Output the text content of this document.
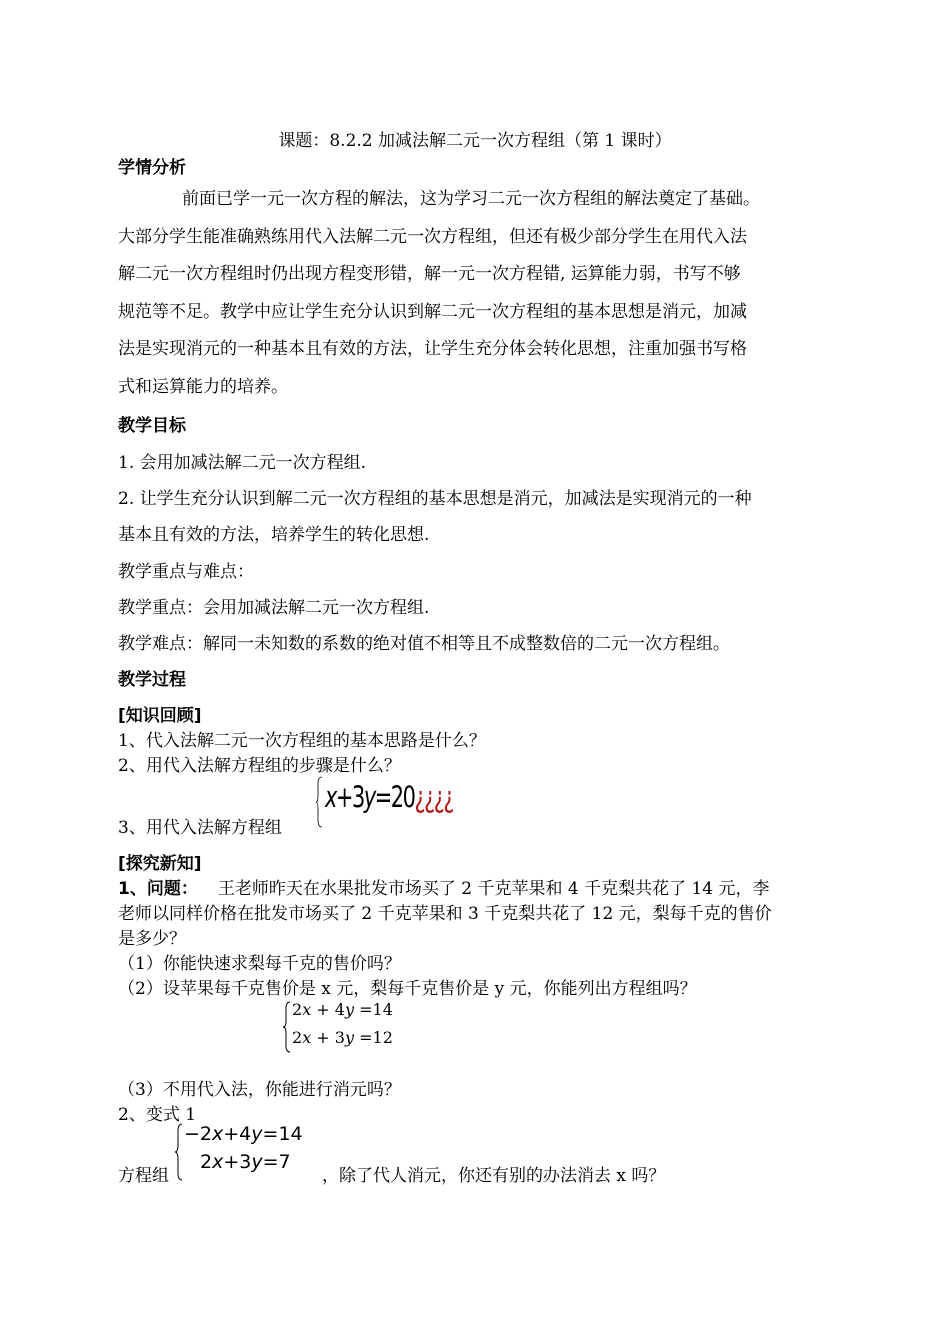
课题：8.2.2 加减法解二元一次方程组（第 1 课时）
学情分析
前面已学一元一次方程的解法，这为学习二元一次方程组的解法奠定了基础。
大部分学生能准确熟练用代入法解二元一次方程组，但还有极少部分学生在用代入法
解二元一次方程组时仍出现方程变形错，解一元一次方程错, 运算能力弱，书写不够
规范等不足。教学中应让学生充分认识到解二元一次方程组的基本思想是消元，加减
法是实现消元的一种基本且有效的方法，让学生充分体会转化思想，注重加强书写格
式和运算能力的培养。
教学目标
1. 会用加减法解二元一次方程组.
2. 让学生充分认识到解二元一次方程组的基本思想是消元，加减法是实现消元的一种
基本且有效的方法，培养学生的转化思想.
教学重点与难点：
教学重点：会用加减法解二元一次方程组.
教学难点：解同一未知数的系数的绝对值不相等且不成整数倍的二元一次方程组。
教学过程
[知识回顾]
1、代入法解二元一次方程组的基本思路是什么？
2、用代入法解方程组的步骤是什么？
3、用代入法解方程组
x+3y=20¿¿¿¿
[探究新知]
1、问题： 王老师昨天在水果批发市场买了 2 千克苹果和 4 千克梨共花了 14 元，李
老师以同样价格在批发市场买了 2 千克苹果和 3 千克梨共花了 12 元，梨每千克的售价
是多少？
（1）你能快速求梨每千克的售价吗？
（2）设苹果每千克售价是 x 元，梨每千克售价是 y 元，你能列出方程组吗？
2x + 4y =14
2x + 3y =12
（3）不用代入法，你能进行消元吗？
2、变式 1
方程组
−2x+4y=14
2x+3y=7
，除了代人消元，你还有别的办法消去 x 吗？
